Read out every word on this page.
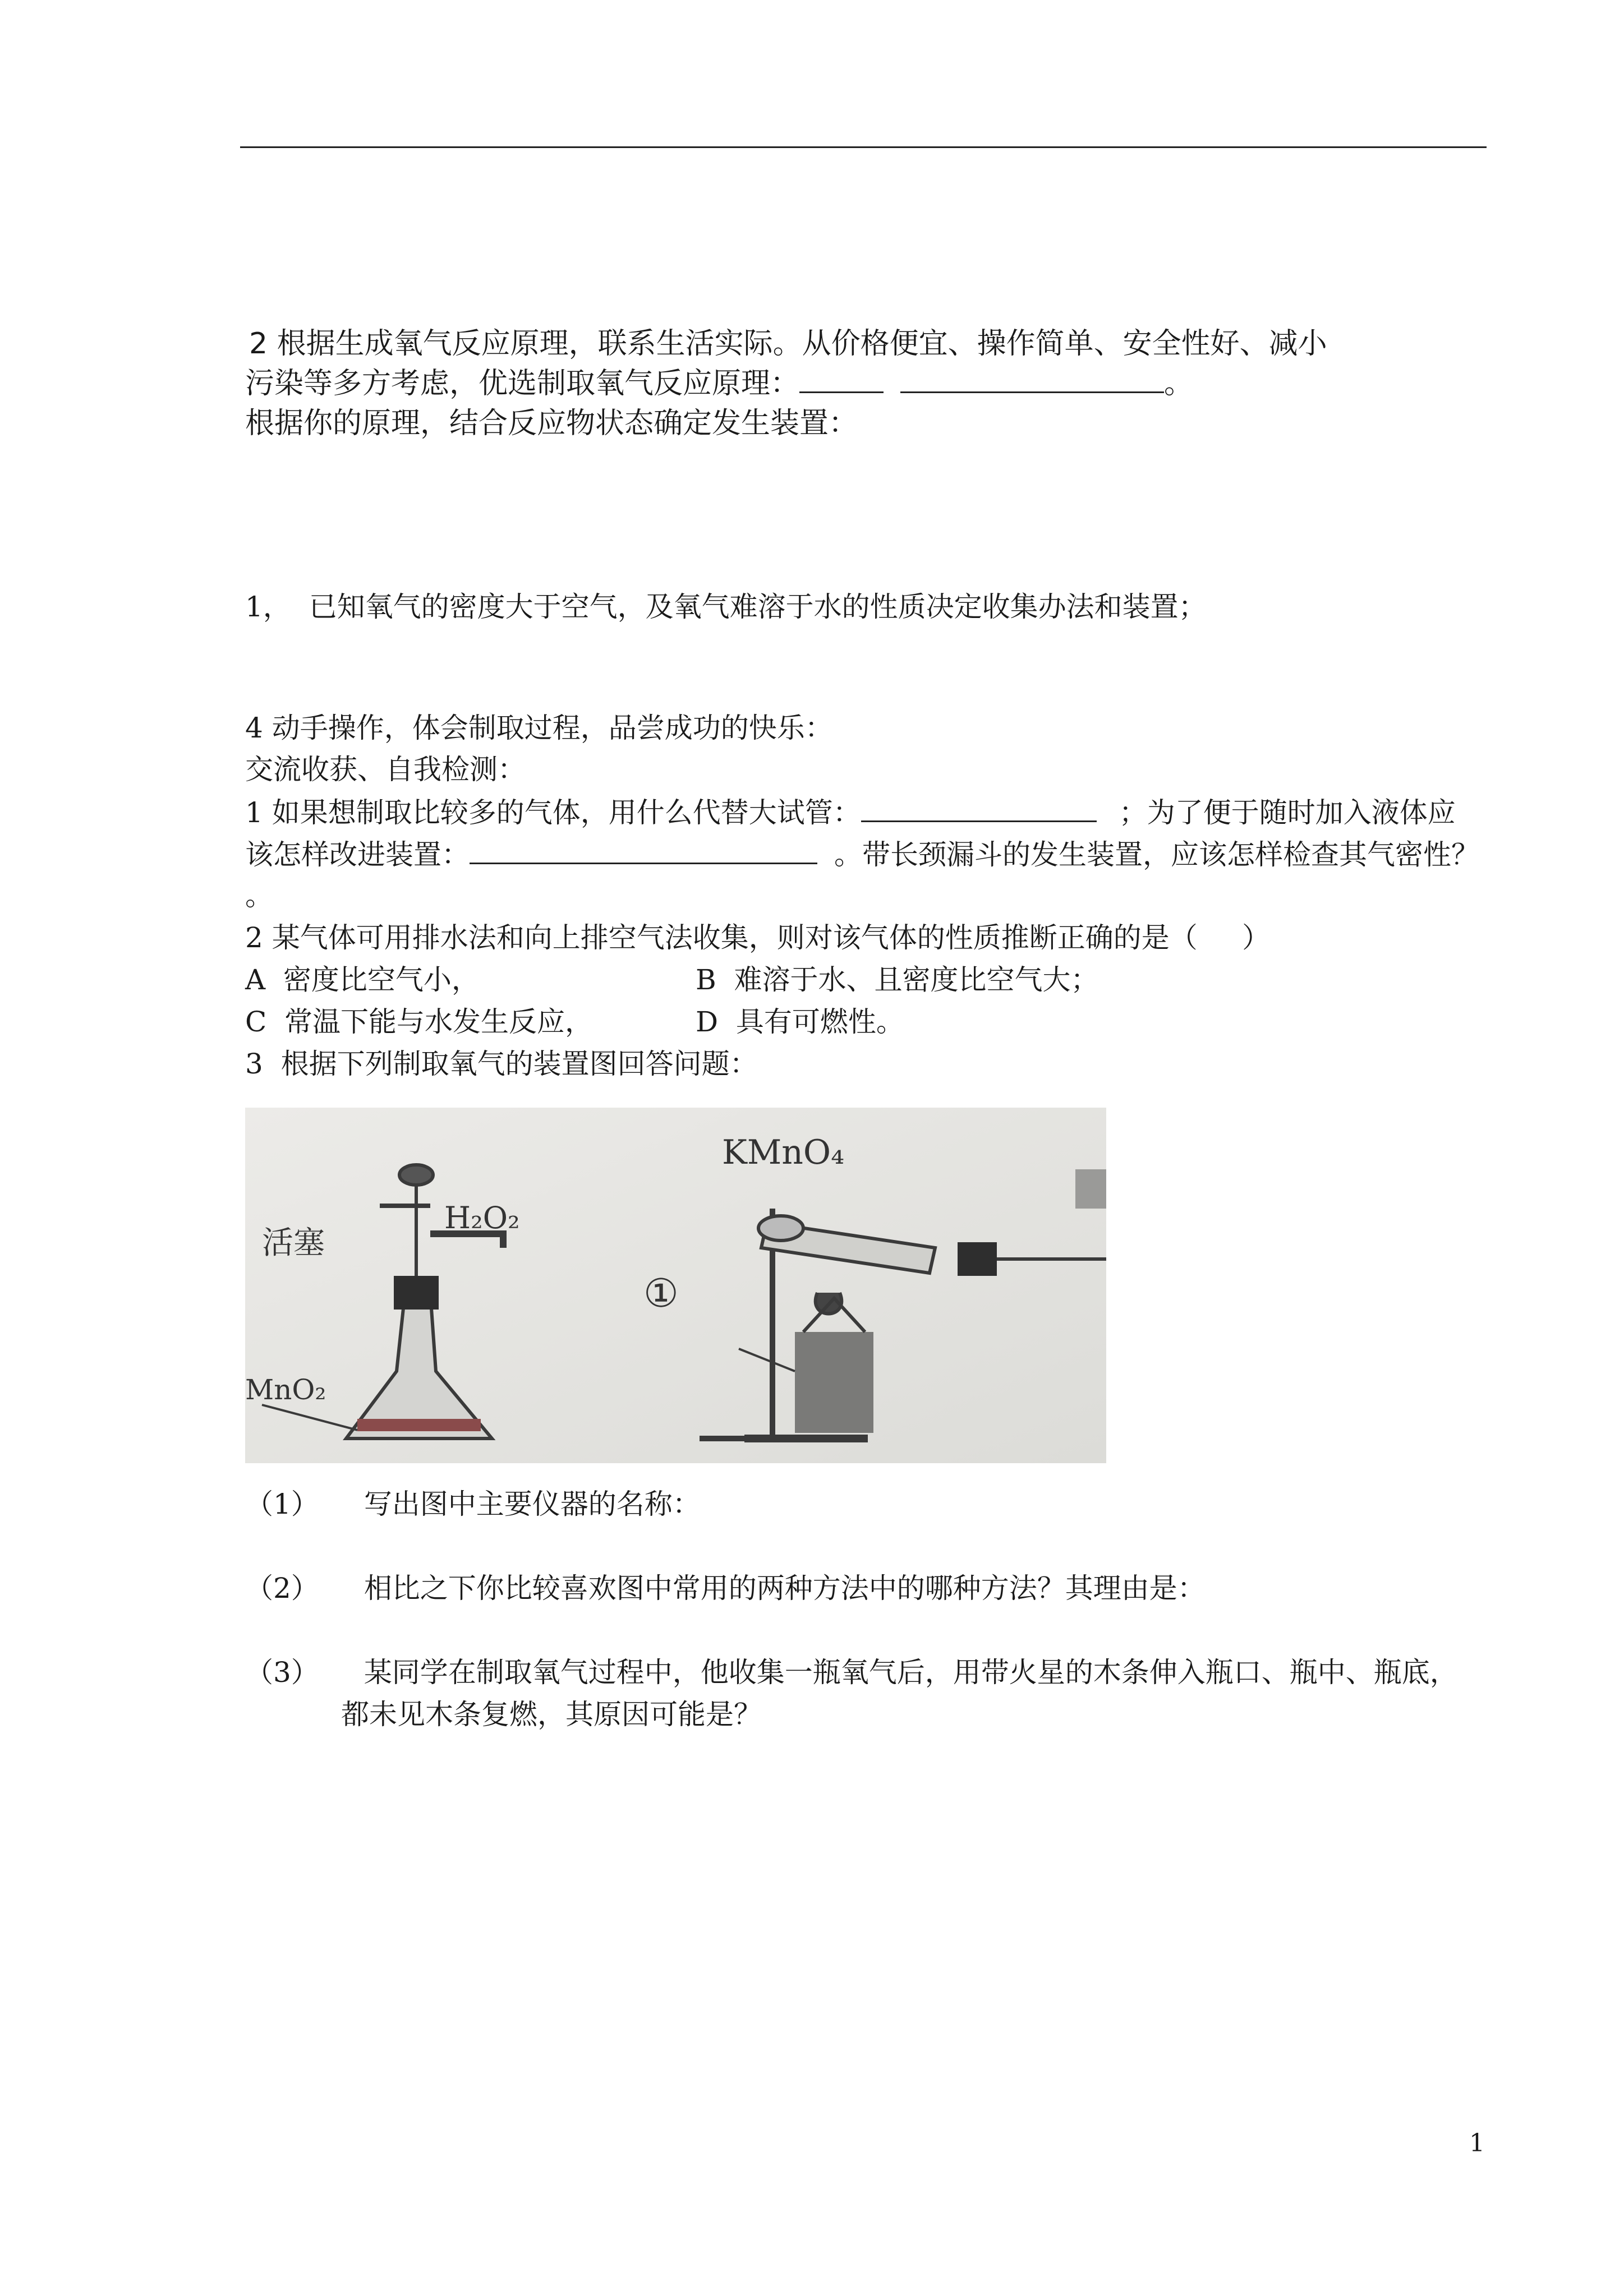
2 根据生成氧气反应原理，联系生活实际。从价格便宜、操作简单、安全性好、减小
污染等多方考虑，优选制取氧气反应原理：	。
根据你的原理，结合反应物状态确定发生装置：
1，  已知氧气的密度大于空气，及氧气难溶于水的性质决定收集办法和装置；
4 动手操作，体会制取过程，品尝成功的快乐：
交流收获、自我检测：
1 如果想制取比较多的气体，用什么代替大试管：	；为了便于随时加入液体应
该怎样改进装置：	。带长颈漏斗的发生装置，应该怎样检查其气密性？
。
2 某气体可用排水法和向上排空气法收集，则对该气体的性质推断正确的是（     ）
A  密度比空气小，	B  难溶于水、且密度比空气大；
C  常温下能与水发生反应，	D  具有可燃性。
3  根据下列制取氧气的装置图回答问题：
活塞
H₂O₂
MnO₂
KMnO₄
①
（1） 写出图中主要仪器的名称：
（2） 相比之下你比较喜欢图中常用的两种方法中的哪种方法？其理由是：
（3） 某同学在制取氧气过程中，他收集一瓶氧气后，用带火星的木条伸入瓶口、瓶中、瓶底，
都未见木条复燃，其原因可能是？
1
